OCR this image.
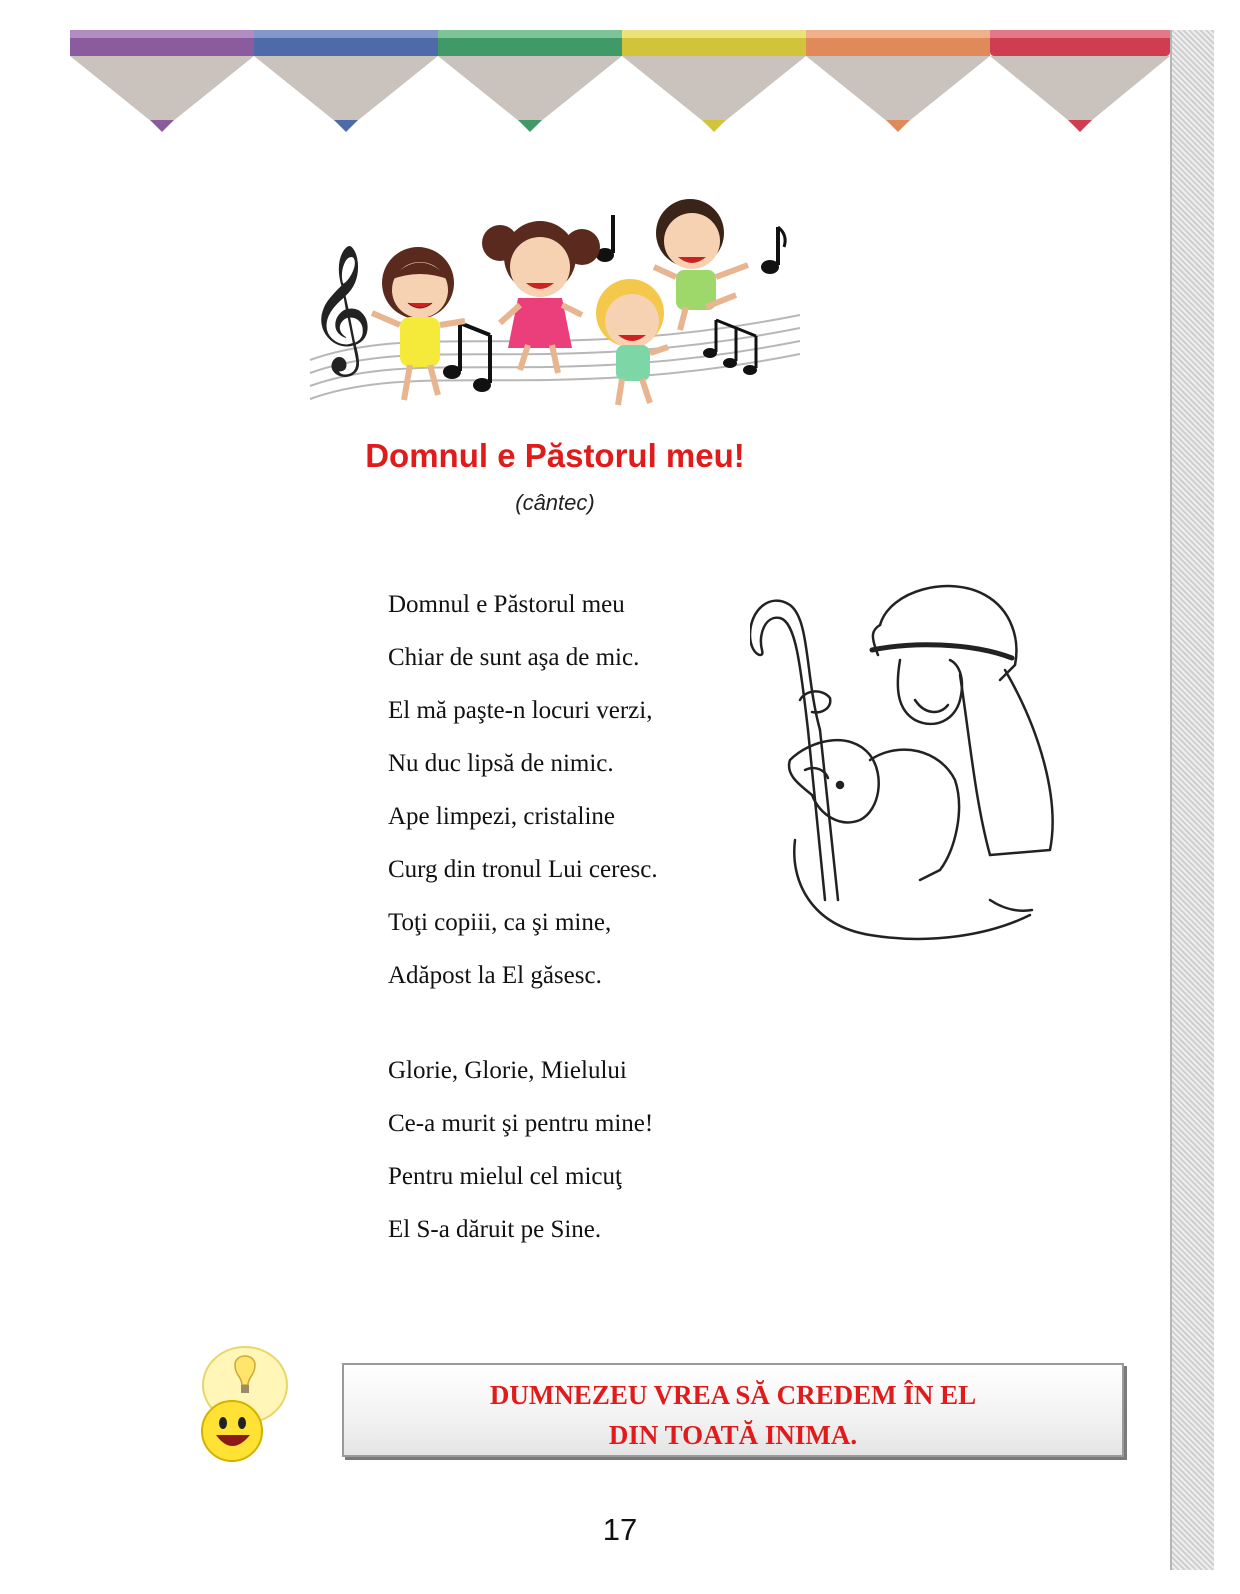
𝄞
Domnul e Păstorul meu!
(cântec)
Domnul e Păstorul meu
Chiar de sunt aşa de mic.
El mă paşte-n locuri verzi,
Nu duc lipsă de nimic.
Ape limpezi, cristaline
Curg din tronul Lui ceresc.
Toţi copiii, ca şi mine,
Adăpost la El găsesc.
Glorie, Glorie, Mielului
Ce-a murit şi pentru mine!
Pentru mielul cel micuţ
El S-a dăruit pe Sine.

DUMNEZEU VREA SĂ CREDEM ÎN EL

DIN TOATĂ INIMA.

17
